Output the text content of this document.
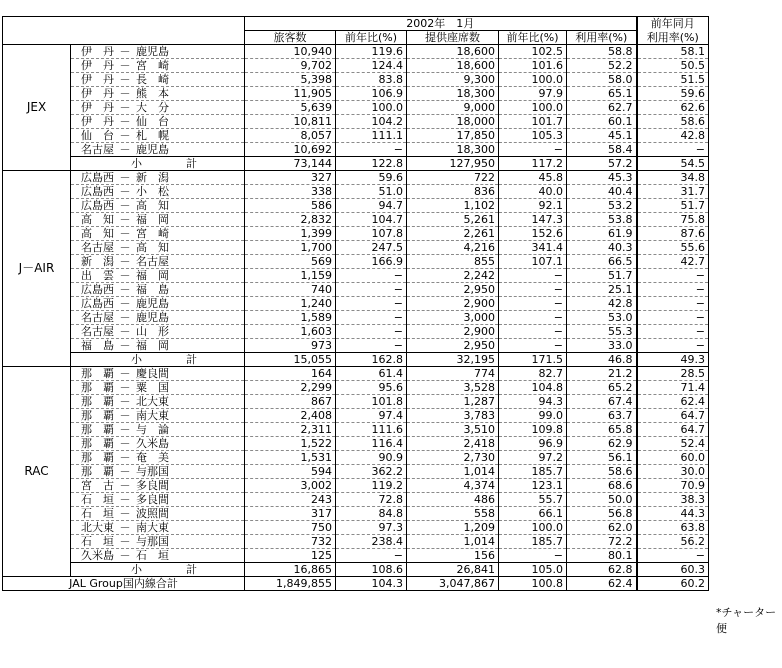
		2002年　1月					前年同月
		旅客数	前年比(%)	提供座席数	前年比(%)	利用率(%)	利用率(%)
JEX	伊　丹 － 鹿児島	10,940	119.6	18,600	102.5	58.8	58.1
	伊　丹 － 宮　崎	9,702	124.4	18,600	101.6	52.2	50.5
	伊　丹 － 長　崎	5,398	83.8	9,300	100.0	58.0	51.5
	伊　丹 － 熊　本	11,905	106.9	18,300	97.9	65.1	59.6
	伊　丹 － 大　分	5,639	100.0	9,000	100.0	62.7	62.6
	伊　丹 － 仙　台	10,811	104.2	18,000	101.7	60.1	58.6
	仙　台 － 札　幌	8,057	111.1	17,850	105.3	45.1	42.8
	名古屋 － 鹿児島	10,692	−	18,300	−	58.4	−
	小　　　　計	73,144	122.8	127,950	117.2	57.2	54.5
J－AIR	広島西 － 新　潟	327	59.6	722	45.8	45.3	34.8
	広島西 － 小　松	338	51.0	836	40.0	40.4	31.7
	広島西 － 高　知	586	94.7	1,102	92.1	53.2	51.7
	高　知 － 福　岡	2,832	104.7	5,261	147.3	53.8	75.8
	高　知 － 宮　崎	1,399	107.8	2,261	152.6	61.9	87.6
	名古屋 － 高　知	1,700	247.5	4,216	341.4	40.3	55.6
	新　潟 － 名古屋	569	166.9	855	107.1	66.5	42.7
	出　雲 － 福　岡	1,159	−	2,242	−	51.7	−
	広島西 － 福　島	740	−	2,950	−	25.1	−
	広島西 － 鹿児島	1,240	−	2,900	−	42.8	−
	名古屋 － 鹿児島	1,589	−	3,000	−	53.0	−
	名古屋 － 山　形	1,603	−	2,900	−	55.3	−
	福　島 － 福　岡	973	−	2,950	−	33.0	−
	小　　　　計	15,055	162.8	32,195	171.5	46.8	49.3
RAC	那　覇 － 慶良間	164	61.4	774	82.7	21.2	28.5
	那　覇 － 粟　国	2,299	95.6	3,528	104.8	65.2	71.4
	那　覇 － 北大東	867	101.8	1,287	94.3	67.4	62.4
	那　覇 － 南大東	2,408	97.4	3,783	99.0	63.7	64.7
	那　覇 － 与　論	2,311	111.6	3,510	109.8	65.8	64.7
	那　覇 － 久米島	1,522	116.4	2,418	96.9	62.9	52.4
	那　覇 － 奄　美	1,531	90.9	2,730	97.2	56.1	60.0
	那　覇 － 与那国	594	362.2	1,014	185.7	58.6	30.0
	宮　古 － 多良間	3,002	119.2	4,374	123.1	68.6	70.9
	石　垣 － 多良間	243	72.8	486	55.7	50.0	38.3
	石　垣 － 波照間	317	84.8	558	66.1	56.8	44.3
	北大東 － 南大東	750	97.3	1,209	100.0	62.0	63.8
	石　垣 － 与那国	732	238.4	1,014	185.7	72.2	56.2
	久米島 － 石　垣	125	−	156	−	80.1	−
	小　　　　計	16,865	108.6	26,841	105.0	62.8	60.3
JAL Group国内線合計		1,849,855	104.3	3,047,867	100.8	62.4	60.2
*チャーター便
